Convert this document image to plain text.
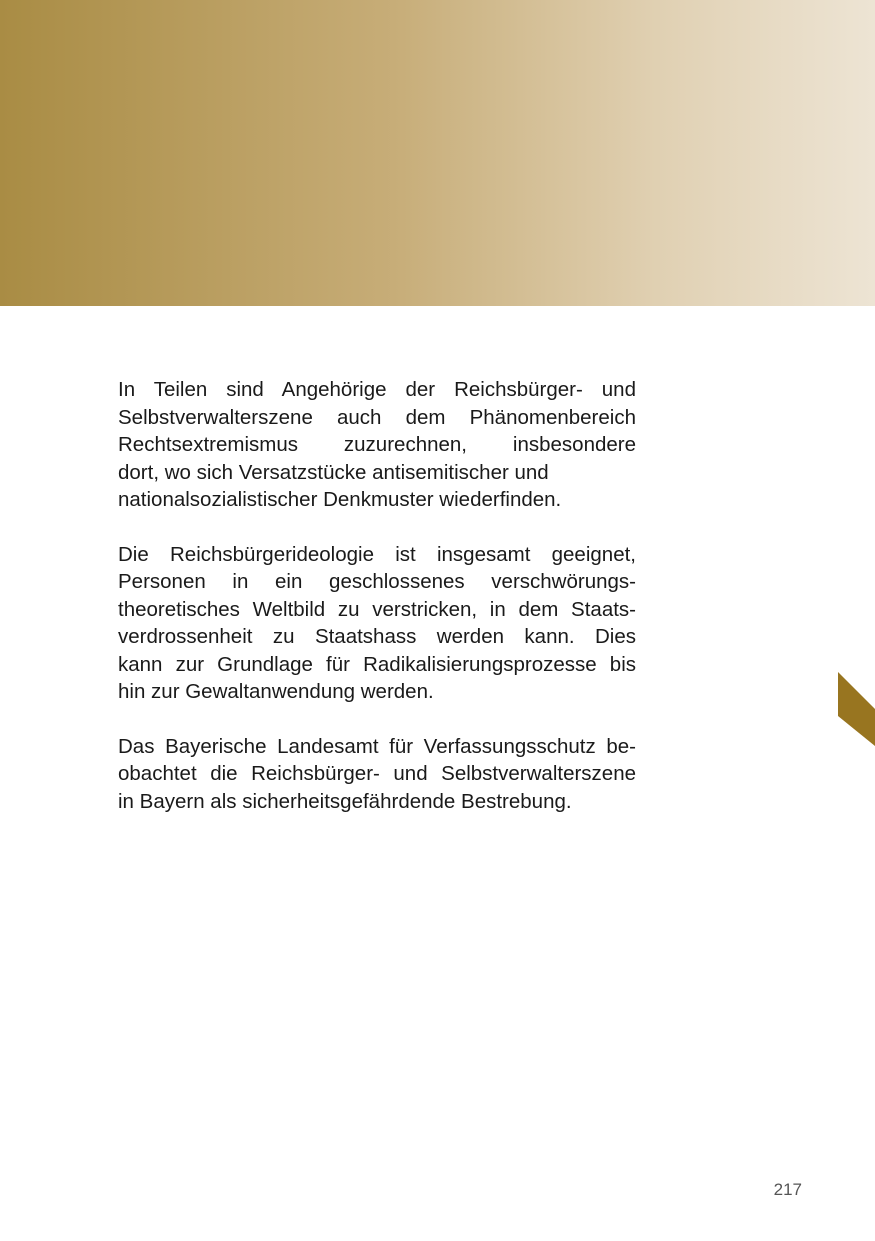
In Teilen sind Angehörige der Reichsbürger- und
Selbstverwalterszene auch dem Phänomenbereich
Rechtsextremismus zuzurechnen, insbesondere
dort, wo sich Versatzstücke antisemitischer und
nationalsozialistischer Denkmuster wiederfinden.

Die Reichsbürgerideologie ist insgesamt geeignet,
Personen in ein geschlossenes verschwörungs-
theoretisches Weltbild zu verstricken, in dem Staats-
verdrossenheit zu Staatshass werden kann. Dies
kann zur Grundlage für Radikalisierungsprozesse bis
hin zur Gewaltanwendung werden.

Das Bayerische Landesamt für Verfassungsschutz be-
obachtet die Reichsbürger- und Selbstverwalterszene
in Bayern als sicherheitsgefährdende Bestrebung.

217
